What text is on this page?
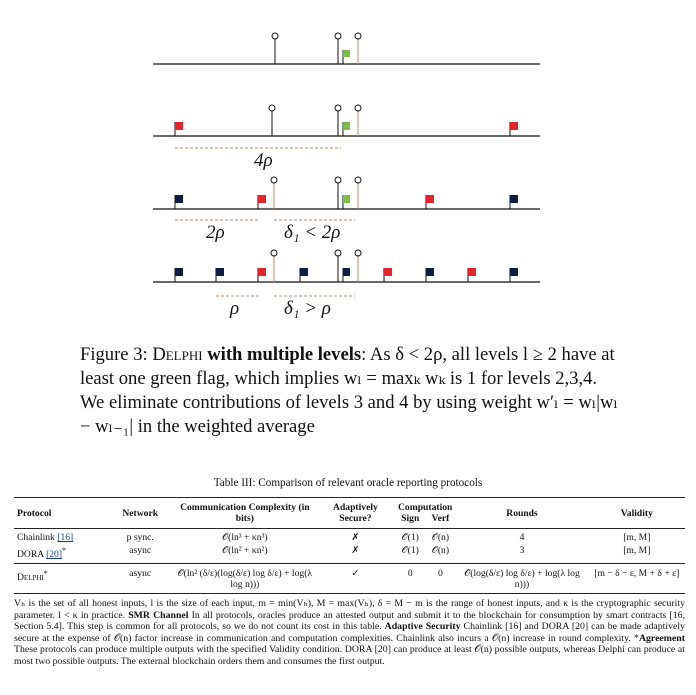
4ρ
2ρ	δ₁ < 2ρ
ρ δ₁ > ρ
Figure 3: Delphi with multiple levels: As δ < 2ρ, all levels l ≥ 2 have at least one green flag, which implies wₗ = maxₖ wₖ is 1 for levels 2,3,4. We eliminate contributions of levels 3 and 4 by using weight w′ₗ = wₗ|wₗ − wₗ₋₁| in the weighted average
Table III: Comparison of relevant oracle reporting protocols
Protocol	Network	Communication Complexity (in bits)	Adaptively Secure?	Computation		Rounds	Validity
				Sign	Verf		
Chainlink [16]	p sync.	𝒪(ln³ + κn³)	✗	𝒪(1)	𝒪(n)	4	[m, M]
DORA [20]*	async	𝒪(ln² + κn²)	✗	𝒪(1)	𝒪(n)	3	[m, M]
Delphi*	async	𝒪(ln² (δ/ε)(log(δ/ε) log δ/ε) + log(λ log n)))	✓	0	0	𝒪(log(δ/ε) log δ/ε) + log(λ log n)))	[m − δ − ε, M + δ + ε]
Vₕ is the set of all honest inputs, l is the size of each input, m = min(Vₕ), M = max(Vₕ), δ = M − m is the range of honest inputs, and κ is the cryptographic security parameter. l < κ in practice. SMR Channel In all protocols, oracles produce an attested output and submit it to the blockchain for consumption by smart contracts [16, Section 5.4]. This step is common for all protocols, so we do not count its cost in this table. Adaptive Security Chainlink [16] and DORA [20] can be made adaptively secure at the expense of 𝒪(n) factor increase in communication and computation complexities. Chainlink also incurs a 𝒪(n) increase in round complexity. *Agreement These protocols can produce multiple outputs with the specified Validity condition. DORA [20] can produce at least 𝒪(n) possible outputs, whereas Delphi can produce at most two possible outputs. The external blockchain orders them and consumes the first output.
